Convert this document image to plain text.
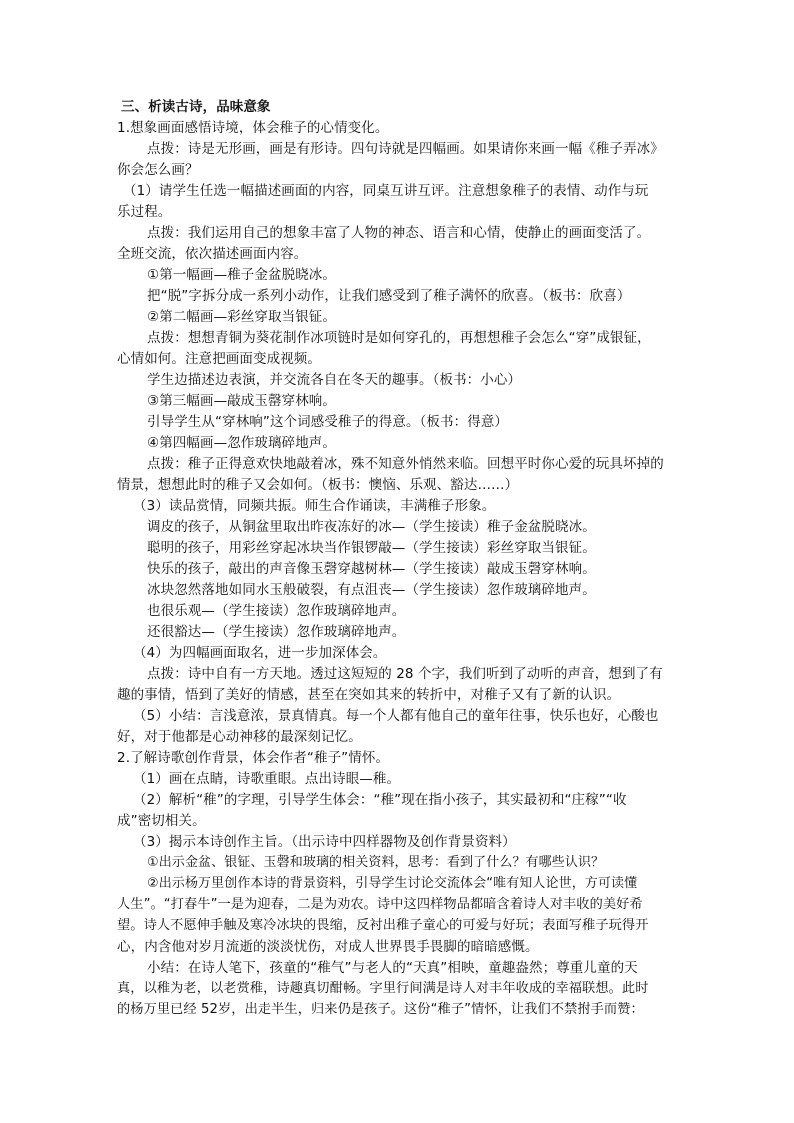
三、析读古诗，品味意象
1.想象画面感悟诗境，体会稚子的心情变化。
点拨：诗是无形画，画是有形诗。四句诗就是四幅画。如果请你来画一幅《稚子弄冰》
你会怎么画？
（1）请学生任选一幅描述画面的内容，同桌互讲互评。注意想象稚子的表情、动作与玩
乐过程。
点拨：我们运用自己的想象丰富了人物的神态、语言和心情，使静止的画面变活了。
全班交流，依次描述画面内容。
①第一幅画—稚子金盆脱晓冰。
把“脱”字拆分成一系列小动作，让我们感受到了稚子满怀的欣喜。（板书：欣喜）
②第二幅画—彩丝穿取当银钲。
点拨：想想青铜为葵花制作冰项链时是如何穿孔的，再想想稚子会怎么“穿”成银钲，
心情如何。注意把画面变成视频。
学生边描述边表演，并交流各自在冬天的趣事。（板书：小心）
③第三幅画—敲成玉罄穿林响。
引导学生从“穿林响”这个词感受稚子的得意。（板书：得意）
④第四幅画—忽作玻璃碎地声。
点拨：稚子正得意欢快地敲着冰，殊不知意外悄然来临。回想平时你心爱的玩具坏掉的
情景，想想此时的稚子又会如何。（板书：懊恼、乐观、豁达……）
（3）读品赏情，同频共振。师生合作诵读，丰满稚子形象。
调皮的孩子，从铜盆里取出昨夜冻好的冰—（学生接读）稚子金盆脱晓冰。
聪明的孩子，用彩丝穿起冰块当作银锣敲—（学生接读）彩丝穿取当银钲。
快乐的孩子，敲出的声音像玉磬穿越树林—（学生接读）敲成玉磬穿林响。
冰块忽然落地如同水玉般破裂，有点沮丧—（学生接读）忽作玻璃碎地声。
也很乐观—（学生接读）忽作玻璃碎地声。
还很豁达—（学生接读）忽作玻璃碎地声。
（4）为四幅画面取名，进一步加深体会。
点拨：诗中自有一方天地。透过这短短的 28 个字，我们听到了动听的声音，想到了有
趣的事情，悟到了美好的情感，甚至在突如其来的转折中，对稚子又有了新的认识。
（5）小结：言浅意浓，景真情真。每一个人都有他自己的童年往事，快乐也好，心酸也
好，对于他都是心动神移的最深刻记忆。
2.了解诗歌创作背景，体会作者“稚子”情怀。
（1）画在点睛，诗歌重眼。点出诗眼—稚。
（2）解析“稚”的字理，引导学生体会：“稚”现在指小孩子，其实最初和“庄稼”“收
成”密切相关。
（3）揭示本诗创作主旨。（出示诗中四样器物及创作背景资料）
①出示金盆、银钲、玉磬和玻璃的相关资料，思考：看到了什么？有哪些认识？
②出示杨万里创作本诗的背景资料，引导学生讨论交流体会“唯有知人论世，方可读懂
人生”。“打春牛”一是为迎春，二是为劝农。诗中这四样物品都暗含着诗人对丰收的美好希
望。诗人不愿伸手触及寒冷冰块的畏缩，反衬出稚子童心的可爱与好玩；表面写稚子玩得开
心，内含他对岁月流逝的淡淡忧伤，对成人世界畏手畏脚的暗暗感慨。
小结：在诗人笔下，孩童的“稚气”与老人的“天真”相映，童趣盎然；尊重儿童的天
真，以稚为老，以老赏稚，诗趣真切酣畅。字里行间满是诗人对丰年收成的幸福联想。此时
的杨万里已经 52岁，出走半生，归来仍是孩子。这份“稚子”情怀，让我们不禁拊手而赞：
